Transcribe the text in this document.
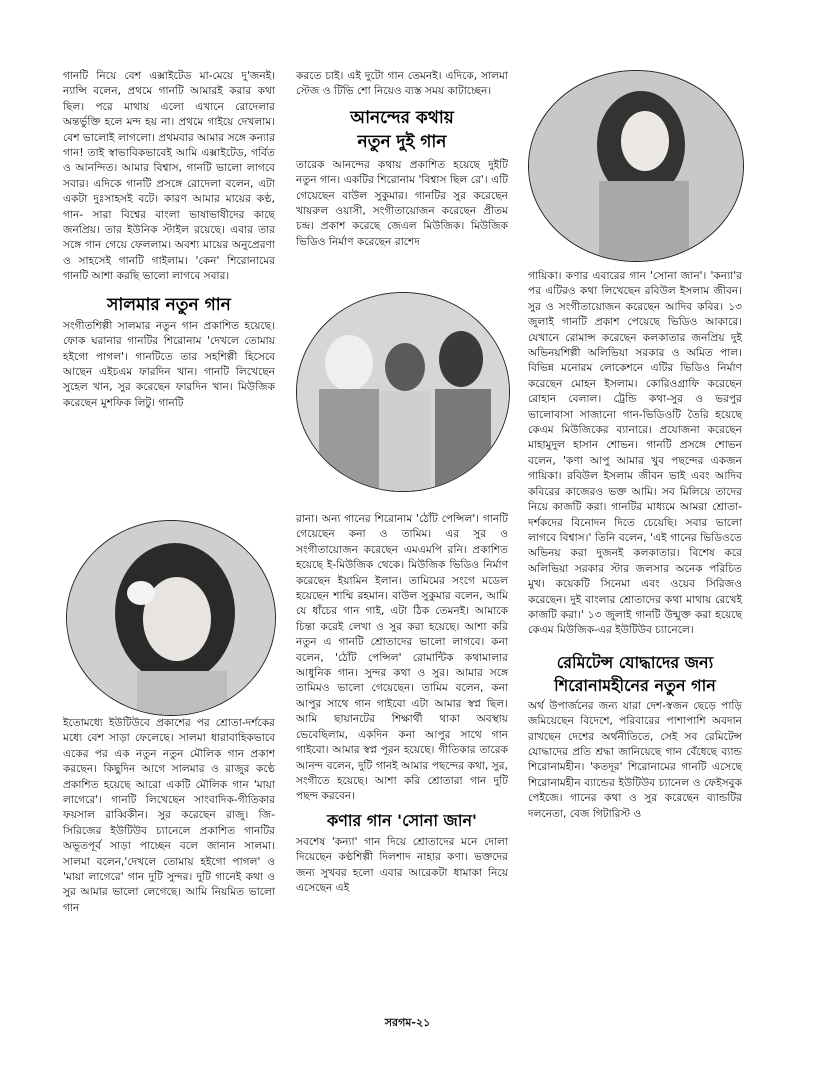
গানটি নিয়ে বেশ এক্সাইটেড মা-মেয়ে দু'জনই। ন্যান্সি বলেন, প্রথমে গানটি আমারই করার কথা ছিল। পরে মাথায় এলো এখানে রোদেলার অন্তর্ভুক্তি হলে মন্দ হয় না। প্রথমে গাইয়ে দেখলাম। বেশ ভালোই লাগলো। প্রথমবার আমার সঙ্গে কন্যার গান! তাই স্বাভাবিকভাবেই আমি এক্সাইটেড, গর্বিত ও আনন্দিত। আমার বিশ্বাস, গানটি ভালো লাগবে সবার। এদিকে গানটি প্রসঙ্গে রোদেলা বলেন, এটা একটা দুঃসাহসই বটে। কারণ আমার মায়ের কণ্ঠ, গান- সারা বিশ্বের বাংলা ভাষাভাষীদের কাছে জনপ্রিয়। তার ইউনিক স্টাইল রয়েছে। এবার তার সঙ্গে গান গেয়ে ফেললাম। অবশ্য মায়ের অনুপ্রেরণা ও সাহসেই গানটি গাইলাম। 'কেন' শিরোনামের গানটি আশা করছি ভালো লাগবে সবার।

সালমার নতুন গান

সংগীতশিল্পী সালমার নতুন গান প্রকাশিত হয়েছে। ফোক ঘরানার গানটির শিরোনাম 'দেখলে তোমায় হইগো পাগল'। গানটিতে তার সহশিল্পী হিসেবে আছেন এইচএম ফারদিন খান। গানটি লিখেছেন সুহেল খান, সুর করেছেন ফারদিন খান। মিউজিক করেছেন মুশফিক লিটু। গানটি

ইতোমধ্যে ইউটিউবে প্রকাশের পর শ্রোতা-দর্শকের মধ্যে বেশ সাড়া ফেলেছে। সালমা ধারাবাহিকভাবে একের পর এক নতুন নতুন মৌলিক গান প্রকাশ করছেন। কিছুদিন আগে সালমার ও রাজুর কণ্ঠে প্রকাশিত হয়েছে আরো একটি মৌলিক গান 'মায়া লাগেরে'। গানটি লিখেছেন সাংবাদিক-গীতিকার ফয়সাল রাব্বিকীন। সুর করেছেন রাজু। জি-সিরিজের ইউটিউব চ্যানেলে প্রকাশিত গানটির অভূতপূর্ব সাড়া পাচ্ছেন বলে জানান সালমা। সালমা বলেন,'দেখলে তোমায় হইগো পাগল' ও 'মায়া লাগেরে' গান দুটি সুন্দর। দুটি গানেই কথা ও সুর আমার ভালো লেগেছে। আমি নিয়মিত ভালো গান

করতে চাই। এই দুটো গান তেমনই। এদিকে, সালমা স্টেজ ও টিভি শো নিয়েও ব্যস্ত সময় কাটাচ্ছেন।

আনন্দের কথায়
নতুন দুই গান

তারেক আনন্দের কথায় প্রকাশিত হয়েছে দুইটি নতুন গান। একটির শিরোনাম 'বিশ্বাস ছিল রে'। এটি গেয়েছেন বাউল সুকুমার। গানটির সুর করেছেন খায়রুল ওয়াসী, সংগীতায়োজন করেছেন প্রীতম চন্দ্র। প্রকাশ করেছে জেএল মিউজিক। মিউজিক ভিডিও নির্মাণ করেছেন রাশেদ

রানা। অন্য গানের শিরোনাম 'ঠোঁট পেন্সিল'। গানটি গেয়েছেন কনা ও তামিম। এর সুর ও সংগীতায়োজন করেছেন এমএমপি রনি। প্রকাশিত হয়েছে ই-মিউজিক থেকে। মিউজিক ভিডিও নির্মাণ করেছেন ইয়ামিন ইলান। তামিমের সংগে মডেল হয়েছেন শাম্মি রহমান। বাউল সুকুমার বলেন, আমি যে ধাঁচের গান গাই, এটা ঠিক তেমনই। আমাকে চিন্তা করেই লেখা ও সুর করা হয়েছে। আশা করি নতুন এ গানটি শ্রোতাদের ভালো লাগবে। কনা বলেন, 'ঠোঁট পেন্সিল' রোমান্টিক কথামালার আধুনিক গান। সুন্দর কথা ও সুর। আমার সঙ্গে তামিমও ভালো গেয়েছেন। তামিম বলেন, কনা আপুর সাথে গান গাইবো এটা আমার স্বপ্ন ছিল। আমি ছায়ানটের শিক্ষার্থী থাকা অবস্থায় ভেবেছিলাম, একদিন কনা আপুর সাথে গান গাইবো। আমার স্বপ্ন পূরন হয়েছে। গীতিকার তারেক আনন্দ বলেন, দুটি গানই আমার পছন্দের কথা, সুর, সংগীতে হয়েছে। আশা করি শ্রোতারা গান দুটি পছন্দ করবেন।

কণার গান 'সোনা জান'

সবশেষ 'কন্যা' গান দিয়ে শ্রোতাদের মনে দোলা দিয়েছেন কণ্ঠশিল্পী দিলশাদ নাহার কণা। ভক্তদের জন্য সুখবর হলো এবার আরেকটা ধামাকা নিয়ে এসেছেন এই

গায়িকা। কণার এবারের গান 'সোনা জান'। 'কন্যা'র পর এটিরও কথা লিখেছেন রবিউল ইসলাম জীবন। সুর ও সংগীতায়োজন করেছেন আদিব কবির। ১৩ জুলাই গানটি প্রকাশ পেয়েছে ভিডিও আকারে। যেখানে রোমান্স করেছেন কলকাতার জনপ্রিয় দুই অভিনয়শিল্পী অলিভিয়া সরকার ও অমিত পাল। বিভিন্ন মনোরম লোকেশনে এটির ভিডিও নির্মাণ করেছেন মোহন ইসলাম। কোরিওগ্রাফি করেছেন রোহান বেলাল। ট্রেন্ডি কথা-সুর ও ভরপুর ভালোবাসা সাজানো গান-ভিডিওটি তৈরি হয়েছে কেএম মিউজিকের ব্যানারে। প্রযোজনা করেছেন মাহামুদুল হাসান শোভন। গানটি প্রসঙ্গে শোভন বলেন, 'কণা আপু আমার খুব পছন্দের একজন গায়িকা। রবিউল ইসলাম জীবন ভাই এবং আদিব কবিরের কাজেরও ভক্ত আমি। সব মিলিয়ে তাদের নিয়ে কাজটি করা। গানটির মাধ্যমে আমরা শ্রোতা-দর্শকদের বিনোদন দিতে চেয়েছি। সবার ভালো লাগবে বিশ্বাস।' তিনি বলেন, 'এই গানের ভিডিওতে অভিনয় করা দুজনই কলকাতার। বিশেষ করে অলিভিয়া সরকার স্টার জলসার অনেক পরিচিত মুখ। কয়েকটি সিনেমা এবং ওয়েব সিরিজও করেছেন। দুই বাংলার শ্রোতাদের কথা মাথায় রেখেই কাজটি করা।' ১৩ জুলাই গানটি উন্মুক্ত করা হয়েছে কেএম মিউজিক-এর ইউটিউব চ্যানেলে।

রেমিটেন্স যোদ্ধাদের জন্য
শিরোনামহীনের নতুন গান

অর্থ উপার্জনের জন্য যারা দেশ-স্বজন ছেড়ে পাড়ি জমিয়েছেন বিদেশে, পরিবারের পাশাপাশি অবদান রাখছেন দেশের অর্থনীতিতে, সেই সব রেমিটেন্স যোদ্ধাদের প্রতি শ্রদ্ধা জানিয়েছে গান বেঁধেছে ব্যান্ড শিরোনামহীন। 'কতদূর' শিরোনামের গানটি এসেছে শিরোনামহীন ব্যান্ডের ইউটিউব চ্যানেল ও ফেইসবুক পেইজে। গানের কথা ও সুর করেছেন ব্যান্ডটির দলনেতা, বেজ গিটারিস্ট ও

সরগম-২১
